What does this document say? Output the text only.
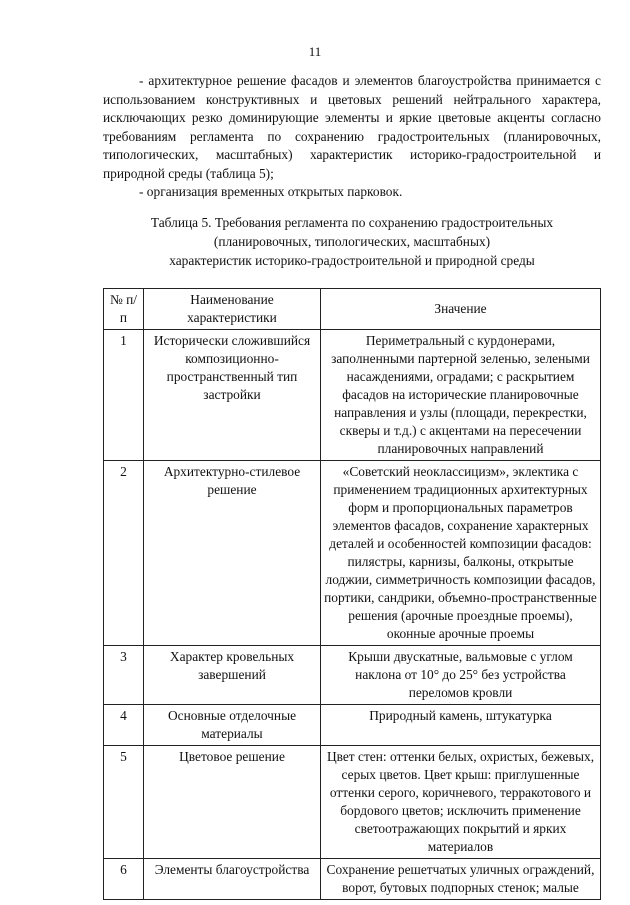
11

- архитектурное решение фасадов и элементов благоустройства принимается с использованием конструктивных и цветовых решений нейтрального характера, исключающих резко доминирующие элементы и яркие цветовые акценты согласно требованиям регламента по сохранению градостроительных (планировочных, типологических, масштабных) характеристик историко-градостроительной и природной среды (таблица 5);

- организация временных открытых парковок.

Таблица 5. Требования регламента по сохранению градостроительных
(планировочных, типологических, масштабных)
характеристик историко-градостроительной и природной среды
№ п/п	Наименование характеристики	Значение
1	Исторически сложившийся композиционно-пространственный тип застройки	Периметральный с курдонерами, заполненными партерной зеленью, зелеными насаждениями, оградами; с раскрытием фасадов на исторические планировочные направления и узлы (площади, перекрестки, скверы и т.д.) с акцентами на пересечении планировочных направлений
2	Архитектурно-стилевое решение	«Советский неоклассицизм», эклектика с применением традиционных архитектурных форм и пропорциональных параметров элементов фасадов, сохранение характерных деталей и особенностей композиции фасадов: пилястры, карнизы, балконы, открытые лоджии, симметричность композиции фасадов, портики, сандрики, объемно-пространственные решения (арочные проездные проемы), оконные арочные проемы
3	Характер кровельных завершений	Крыши двускатные, вальмовые с углом наклона от 10° до 25° без устройства переломов кровли
4	Основные отделочные материалы	Природный камень, штукатурка
5	Цветовое решение	Цвет стен: оттенки белых, охристых, бежевых, серых цветов. Цвет крыш: приглушенные оттенки серого, коричневого, терракотового и бордового цветов; исключить применение светоотражающих покрытий и ярких материалов
6	Элементы благоустройства	Сохранение решетчатых уличных ограждений, ворот, бутовых подпорных стенок; малые
